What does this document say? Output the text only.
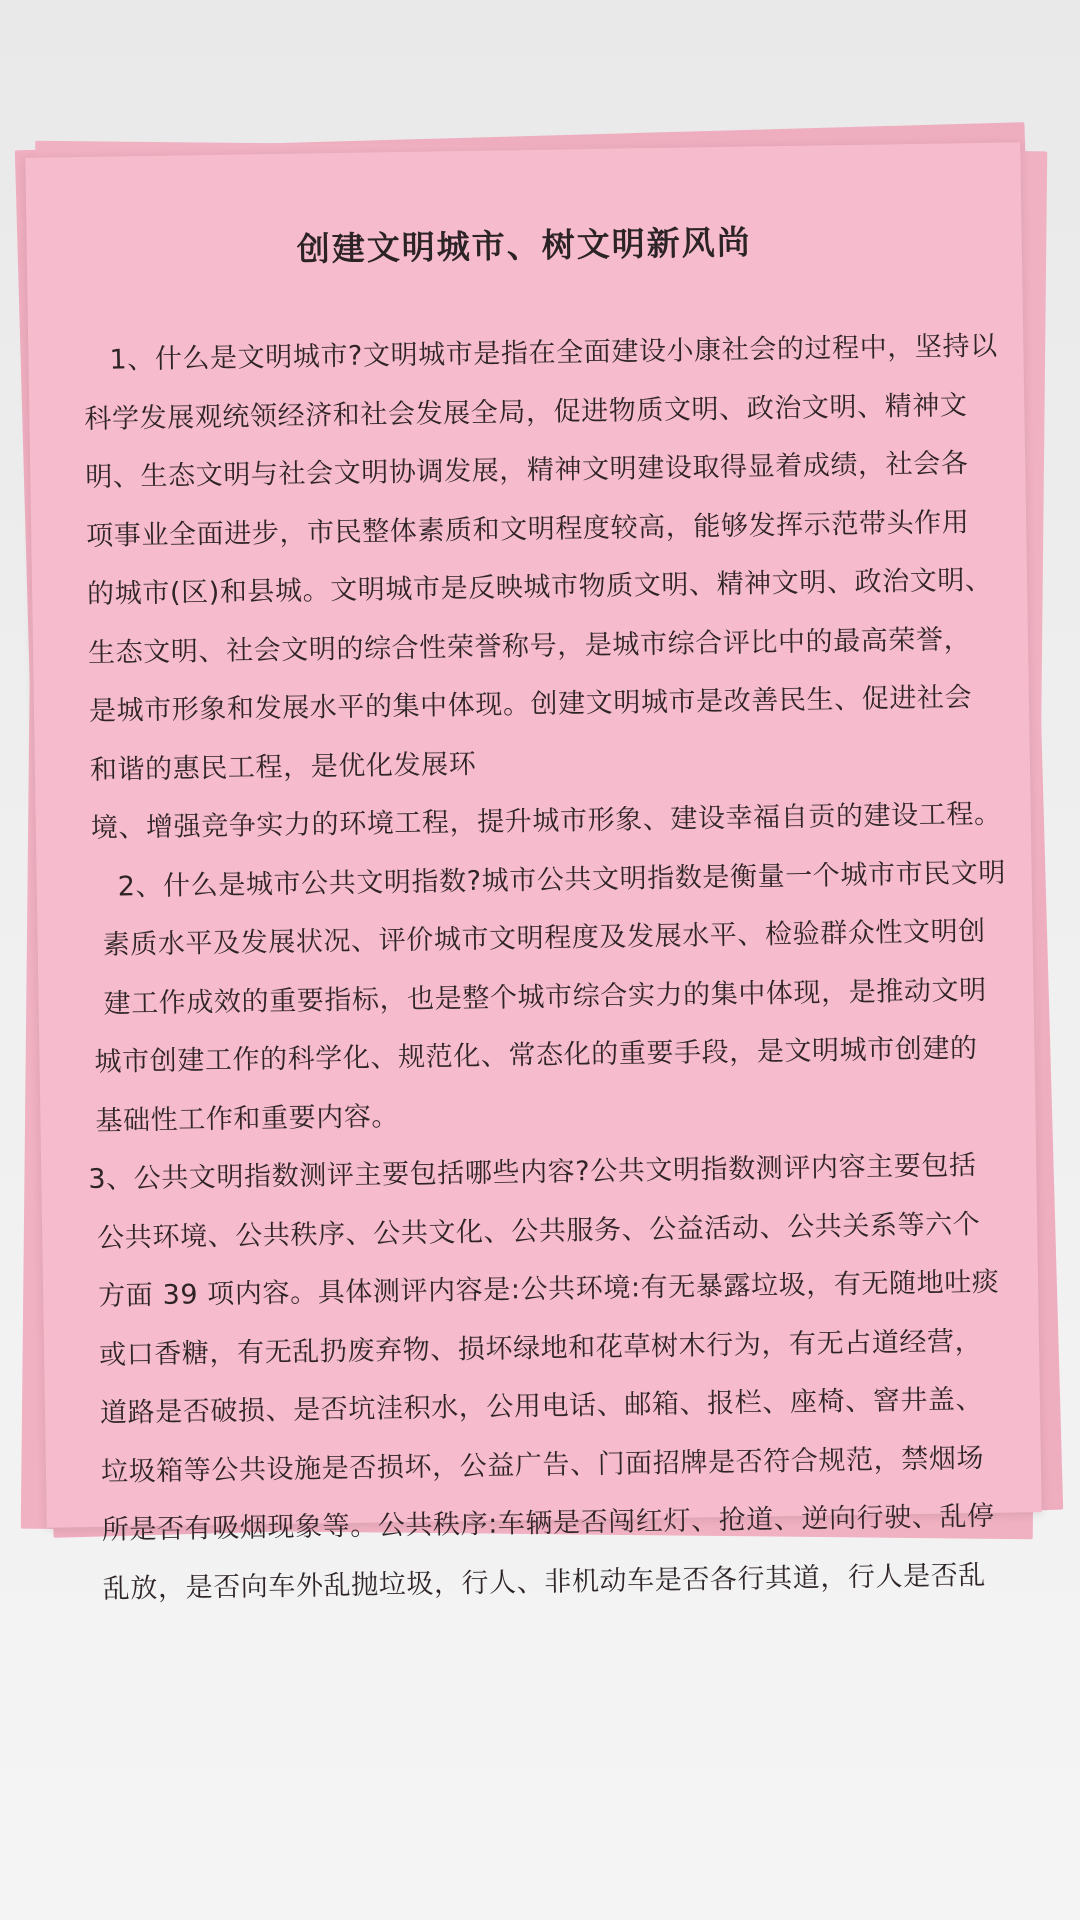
创建文明城市、树文明新风尚
1、什么是文明城市?文明城市是指在全面建设小康社会的过程中，坚持以
科学发展观统领经济和社会发展全局，促进物质文明、政治文明、精神文
明、生态文明与社会文明协调发展，精神文明建设取得显着成绩，社会各
项事业全面进步，市民整体素质和文明程度较高，能够发挥示范带头作用
的城市(区)和县城。文明城市是反映城市物质文明、精神文明、政治文明、
生态文明、社会文明的综合性荣誉称号，是城市综合评比中的最高荣誉，
是城市形象和发展水平的集中体现。创建文明城市是改善民生、促进社会
和谐的惠民工程，是优化发展环
境、增强竞争实力的环境工程，提升城市形象、建设幸福自贡的建设工程。
2、什么是城市公共文明指数?城市公共文明指数是衡量一个城市市民文明
素质水平及发展状况、评价城市文明程度及发展水平、检验群众性文明创
建工作成效的重要指标，也是整个城市综合实力的集中体现，是推动文明
城市创建工作的科学化、规范化、常态化的重要手段，是文明城市创建的
基础性工作和重要内容。
3、公共文明指数测评主要包括哪些内容?公共文明指数测评内容主要包括
公共环境、公共秩序、公共文化、公共服务、公益活动、公共关系等六个
方面 39 项内容。具体测评内容是:公共环境:有无暴露垃圾，有无随地吐痰
或口香糖，有无乱扔废弃物、损坏绿地和花草树木行为，有无占道经营，
道路是否破损、是否坑洼积水，公用电话、邮箱、报栏、座椅、窨井盖、
垃圾箱等公共设施是否损坏，公益广告、门面招牌是否符合规范，禁烟场
所是否有吸烟现象等。公共秩序:车辆是否闯红灯、抢道、逆向行驶、乱停
乱放，是否向车外乱抛垃圾，行人、非机动车是否各行其道，行人是否乱
